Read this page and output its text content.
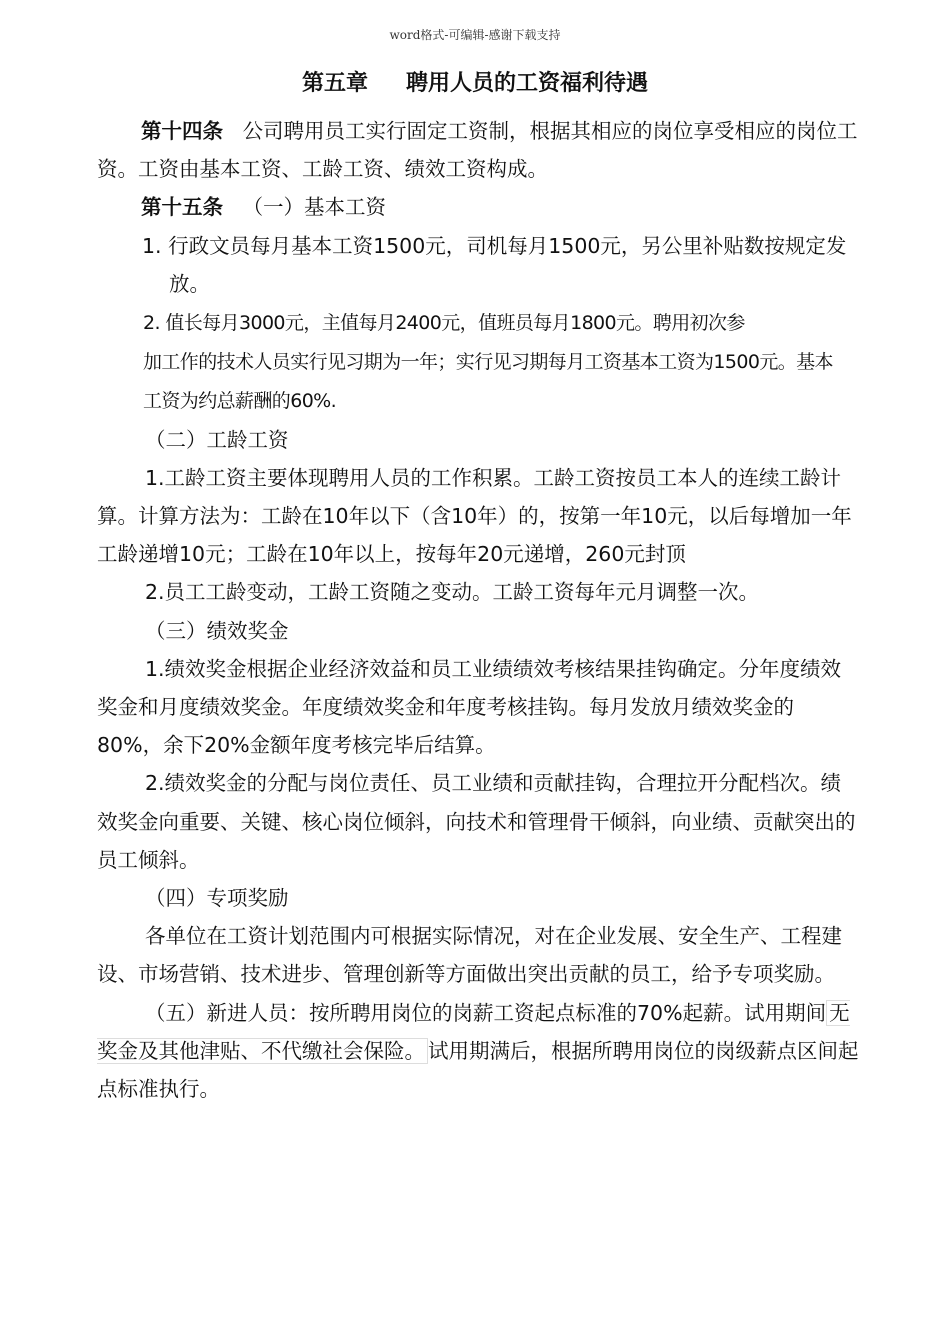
word格式-可编辑-感谢下载支持
第五章 聘用人员的工资福利待遇

第十四条 公司聘用员工实行固定工资制，根据其相应的岗位享受相应的岗位工资。工资由基本工资、工龄工资、绩效工资构成。

第十五条 （一）基本工资

1. 行政文员每月基本工资1500元，司机每月1500元，另公里补贴数按规定发放。

2. 值长每月3000元，主值每月2400元，值班员每月1800元。聘用初次参
加工作的技术人员实行见习期为一年；实行见习期每月工资基本工资为1500元。基本
工资为约总薪酬的60%.

（二）工龄工资

1.工龄工资主要体现聘用人员的工作积累。工龄工资按员工本人的连续工龄计算。计算方法为：工龄在10年以下（含10年）的，按第一年10元，以后每增加一年工龄递增10元；工龄在10年以上，按每年20元递增，260元封顶

2.员工工龄变动，工龄工资随之变动。工龄工资每年元月调整一次。

（三）绩效奖金

1.绩效奖金根据企业经济效益和员工业绩绩效考核结果挂钩确定。分年度绩效奖金和月度绩效奖金。年度绩效奖金和年度考核挂钩。每月发放月绩效奖金的80%，余下20%金额年度考核完毕后结算。

2.绩效奖金的分配与岗位责任、员工业绩和贡献挂钩，合理拉开分配档次。绩效奖金向重要、关键、核心岗位倾斜，向技术和管理骨干倾斜，向业绩、贡献突出的员工倾斜。

（四）专项奖励

各单位在工资计划范围内可根据实际情况，对在企业发展、安全生产、工程建设、市场营销、技术进步、管理创新等方面做出突出贡献的员工，给予专项奖励。

（五）新进人员：按所聘用岗位的岗薪工资起点标准的70%起薪。试用期间 无奖金及其他津贴、不代缴社会保险。 试用期满后，根据所聘用岗位的岗级薪点区间起点标准执行。
